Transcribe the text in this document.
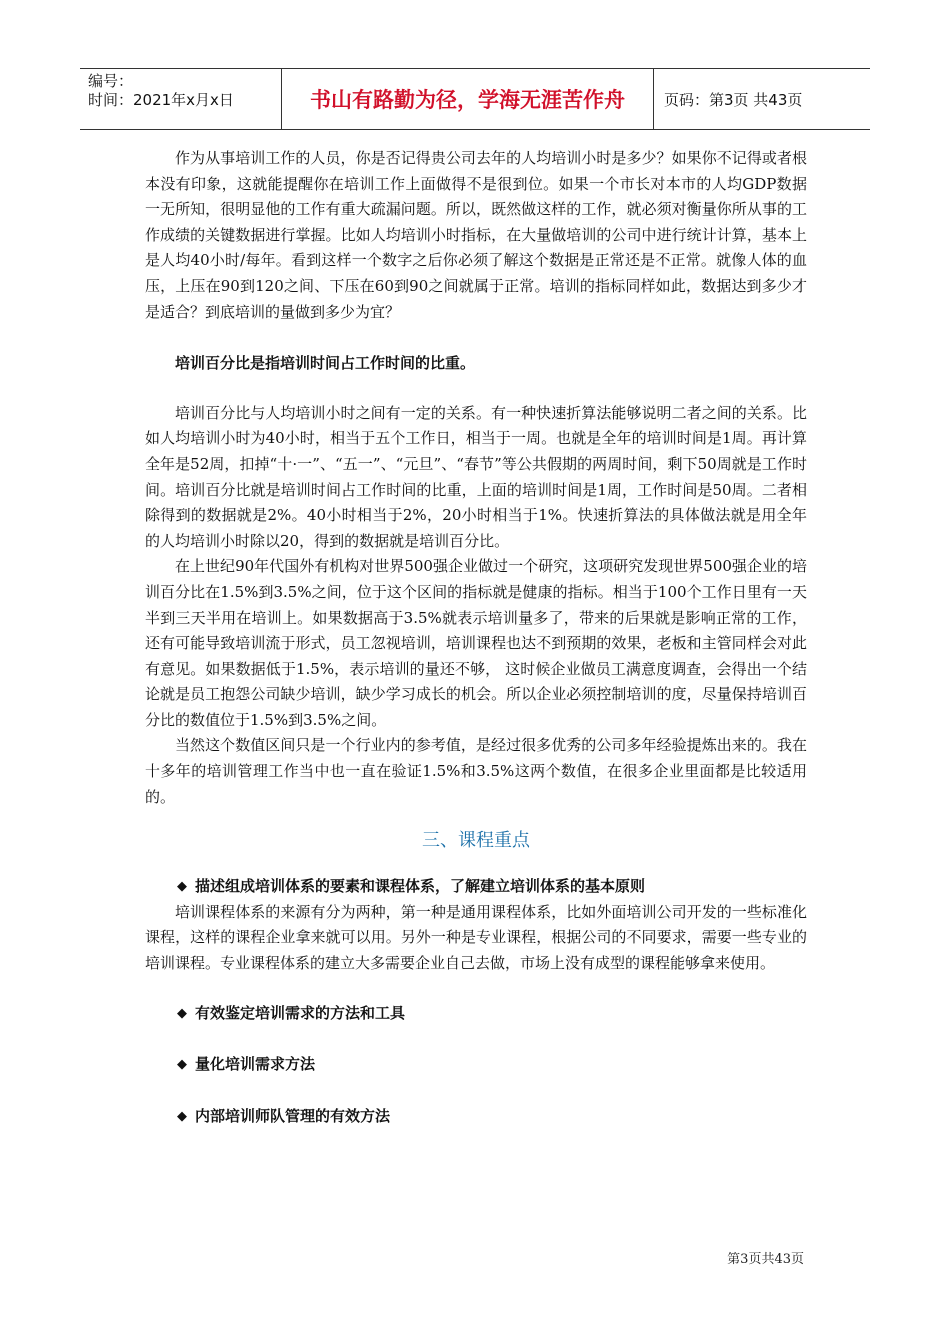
编号：
时间：2021年x月x日	书山有路勤为径，学海无涯苦作舟	页码：第3页 共43页

作为从事培训工作的人员，你是否记得贵公司去年的人均培训小时是多少？如果你不记得或者根本没有印象，这就能提醒你在培训工作上面做得不是很到位。如果一个市长对本市的人均GDP数据一无所知，很明显他的工作有重大疏漏问题。所以，既然做这样的工作，就必须对衡量你所从事的工作成绩的关键数据进行掌握。比如人均培训小时指标，在大量做培训的公司中进行统计计算，基本上是人均40小时/每年。看到这样一个数字之后你必须了解这个数据是正常还是不正常。就像人体的血压，上压在90到120之间、下压在60到90之间就属于正常。培训的指标同样如此，数据达到多少才是适合？到底培训的量做到多少为宜？

培训百分比是指培训时间占工作时间的比重。

培训百分比与人均培训小时之间有一定的关系。有一种快速折算法能够说明二者之间的关系。比如人均培训小时为40小时，相当于五个工作日，相当于一周。也就是全年的培训时间是1周。再计算全年是52周，扣掉“十·一”、“五一”、“元旦”、“春节”等公共假期的两周时间，剩下50周就是工作时间。培训百分比就是培训时间占工作时间的比重，上面的培训时间是1周，工作时间是50周。二者相除得到的数据就是2%。40小时相当于2%，20小时相当于1%。快速折算法的具体做法就是用全年的人均培训小时除以20，得到的数据就是培训百分比。

在上世纪90年代国外有机构对世界500强企业做过一个研究，这项研究发现世界500强企业的培训百分比在1.5%到3.5%之间，位于这个区间的指标就是健康的指标。相当于100个工作日里有一天半到三天半用在培训上。如果数据高于3.5%就表示培训量多了，带来的后果就是影响正常的工作，还有可能导致培训流于形式，员工忽视培训，培训课程也达不到预期的效果，老板和主管同样会对此有意见。如果数据低于1.5%，表示培训的量还不够， 这时候企业做员工满意度调查，会得出一个结论就是员工抱怨公司缺少培训，缺少学习成长的机会。所以企业必须控制培训的度，尽量保持培训百分比的数值位于1.5%到3.5%之间。

当然这个数值区间只是一个行业内的参考值，是经过很多优秀的公司多年经验提炼出来的。我在十多年的培训管理工作当中也一直在验证1.5%和3.5%这两个数值，在很多企业里面都是比较适用的。

三、课程重点

◆ 描述组成培训体系的要素和课程体系，了解建立培训体系的基本原则

培训课程体系的来源有分为两种，第一种是通用课程体系，比如外面培训公司开发的一些标准化课程，这样的课程企业拿来就可以用。另外一种是专业课程，根据公司的不同要求，需要一些专业的培训课程。专业课程体系的建立大多需要企业自己去做，市场上没有成型的课程能够拿来使用。

◆ 有效鉴定培训需求的方法和工具

◆ 量化培训需求方法

◆ 内部培训师队管理的有效方法

第3页共43页
